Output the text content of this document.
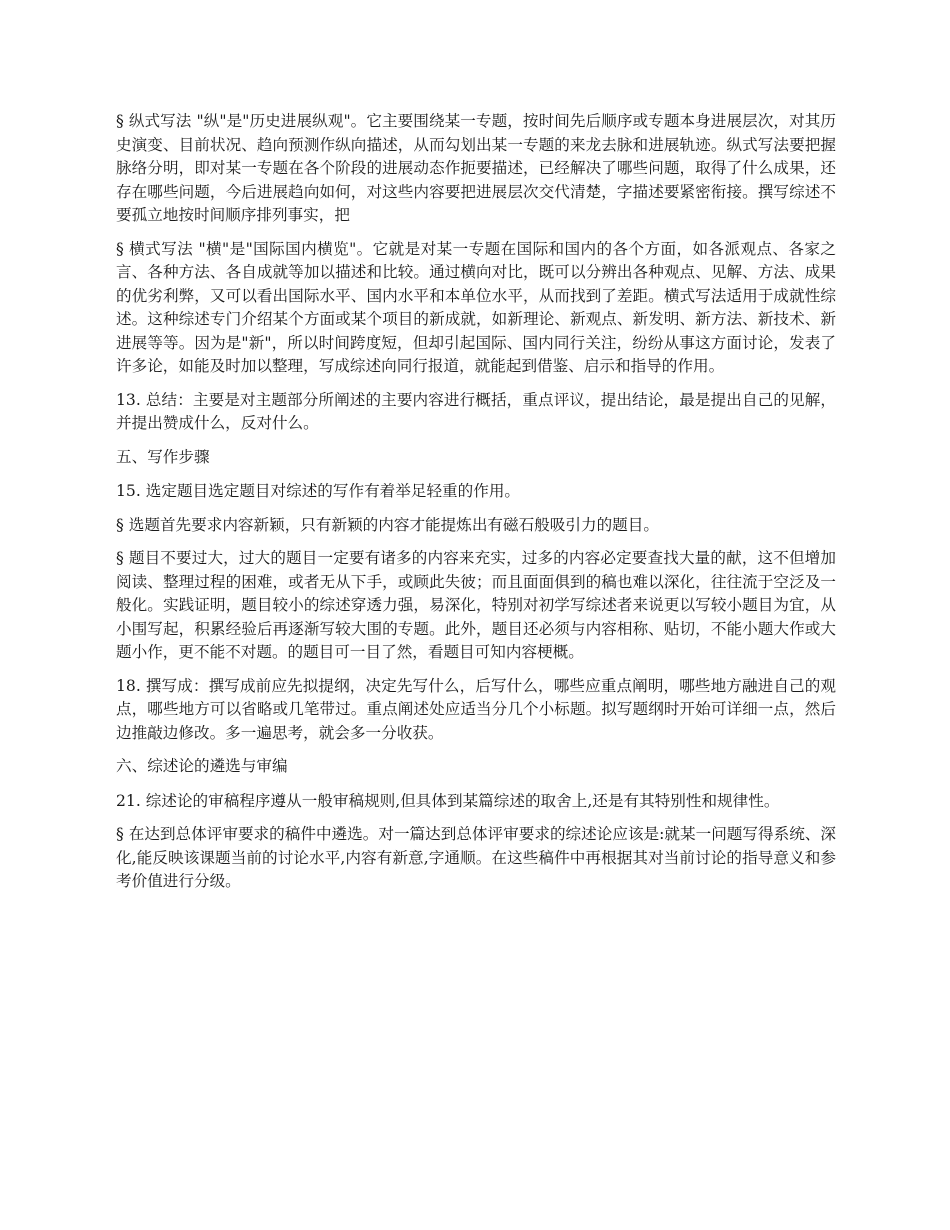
§ 纵式写法 "纵"是"历史进展纵观"。它主要围绕某一专题，按时间先后顺序或专题本身进展层次，对其历史演变、目前状况、趋向预测作纵向描述，从而勾划出某一专题的来龙去脉和进展轨迹。纵式写法要把握脉络分明，即对某一专题在各个阶段的进展动态作扼要描述，已经解决了哪些问题，取得了什么成果，还存在哪些问题，今后进展趋向如何，对这些内容要把进展层次交代清楚，字描述要紧密衔接。撰写综述不要孤立地按时间顺序排列事实，把

§ 横式写法 "横"是"国际国内横览"。它就是对某一专题在国际和国内的各个方面，如各派观点、各家之言、各种方法、各自成就等加以描述和比较。通过横向对比，既可以分辨出各种观点、见解、方法、成果的优劣利弊，又可以看出国际水平、国内水平和本单位水平，从而找到了差距。横式写法适用于成就性综述。这种综述专门介绍某个方面或某个项目的新成就，如新理论、新观点、新发明、新方法、新技术、新进展等等。因为是"新"，所以时间跨度短，但却引起国际、国内同行关注，纷纷从事这方面讨论，发表了许多论，如能及时加以整理，写成综述向同行报道，就能起到借鉴、启示和指导的作用。

13. 总结：主要是对主题部分所阐述的主要内容进行概括，重点评议，提出结论，最是提出自己的见解，并提出赞成什么，反对什么。

五、写作步骤

15. 选定题目选定题目对综述的写作有着举足轻重的作用。

§ 选题首先要求内容新颖，只有新颖的内容才能提炼出有磁石般吸引力的题目。

§ 题目不要过大，过大的题目一定要有诸多的内容来充实，过多的内容必定要查找大量的献，这不但增加阅读、整理过程的困难，或者无从下手，或顾此失彼；而且面面俱到的稿也难以深化，往往流于空泛及一般化。实践证明，题目较小的综述穿透力强，易深化，特别对初学写综述者来说更以写较小题目为宜，从小围写起，积累经验后再逐渐写较大围的专题。此外，题目还必须与内容相称、贴切，不能小题大作或大题小作，更不能不对题。的题目可一目了然，看题目可知内容梗概。

18. 撰写成：撰写成前应先拟提纲，决定先写什么，后写什么，哪些应重点阐明，哪些地方融进自己的观点，哪些地方可以省略或几笔带过。重点阐述处应适当分几个小标题。拟写题纲时开始可详细一点，然后边推敲边修改。多一遍思考，就会多一分收获。

六、综述论的遴选与审编

21. 综述论的审稿程序遵从一般审稿规则,但具体到某篇综述的取舍上,还是有其特别性和规律性。

§ 在达到总体评审要求的稿件中遴选。对一篇达到总体评审要求的综述论应该是:就某一问题写得系统、深化,能反映该课题当前的讨论水平,内容有新意,字通顺。在这些稿件中再根据其对当前讨论的指导意义和参考价值进行分级。
